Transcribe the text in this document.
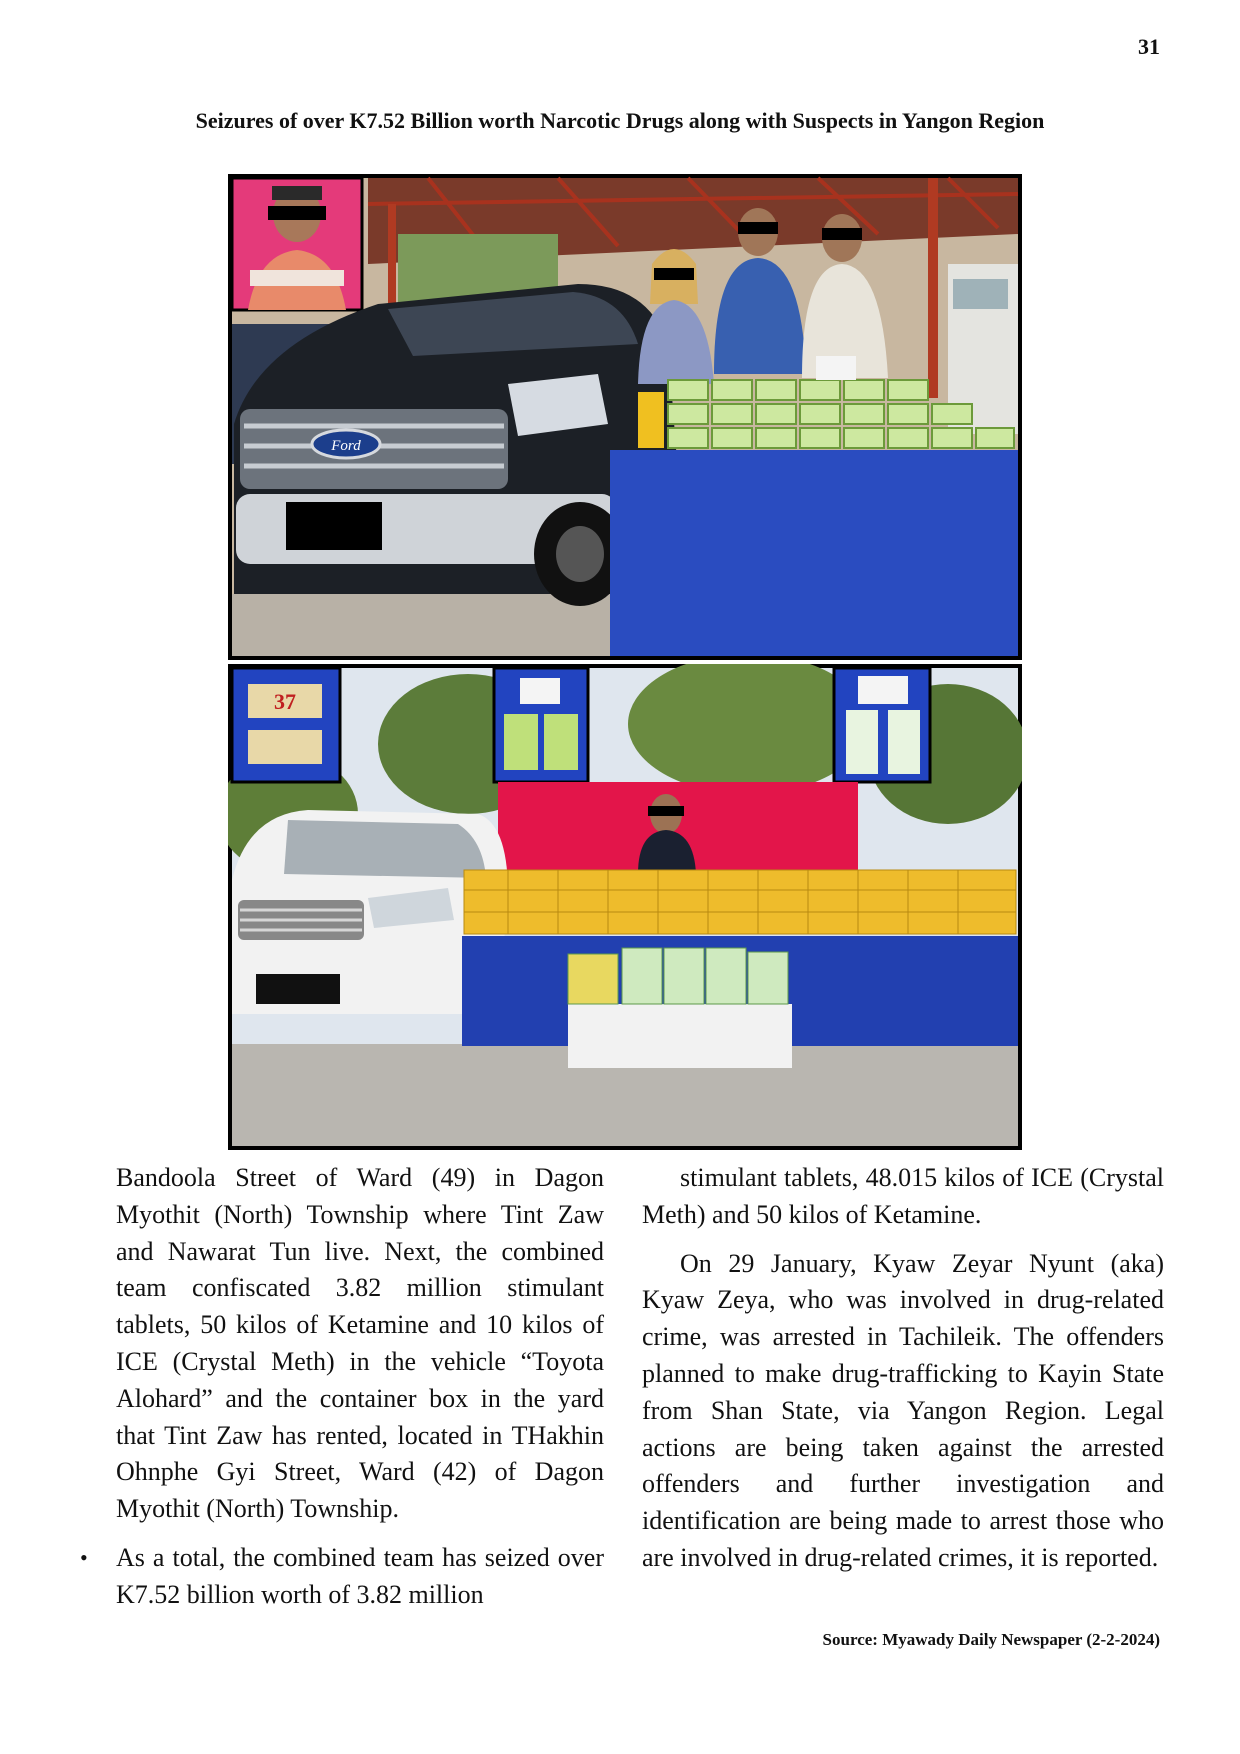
31
Seizures of over K7.52 Billion worth Narcotic Drugs along with Suspects in Yangon Region
Ford
37

Bandoola Street of Ward (49) in Dagon Myothit (North) Township where Tint Zaw and Nawarat Tun live. Next, the combined team confiscated 3.82 million stimulant tablets, 50 kilos of Ketamine and 10 kilos of ICE (Crystal Meth) in the vehicle “Toyota Alohard” and the container box in the yard that Tint Zaw has rented, located in THakhin Ohnphe Gyi Street, Ward (42) of Dagon Myothit (North) Township.

• As a total, the combined team has seized over K7.52 billion worth of 3.82 million

stimulant tablets, 48.015 kilos of ICE (Crystal Meth) and 50 kilos of Ketamine.

On 29 January, Kyaw Zeyar Nyunt (aka) Kyaw Zeya, who was involved in drug-related crime, was arrested in Tachileik. The offenders planned to make drug-trafficking to Kayin State from Shan State, via Yangon Region. Legal actions are being taken against the arrested offenders and further investigation and identification are being made to arrest those who are involved in drug-related crimes, it is reported.

Source: Myawady Daily Newspaper (2-2-2024)
